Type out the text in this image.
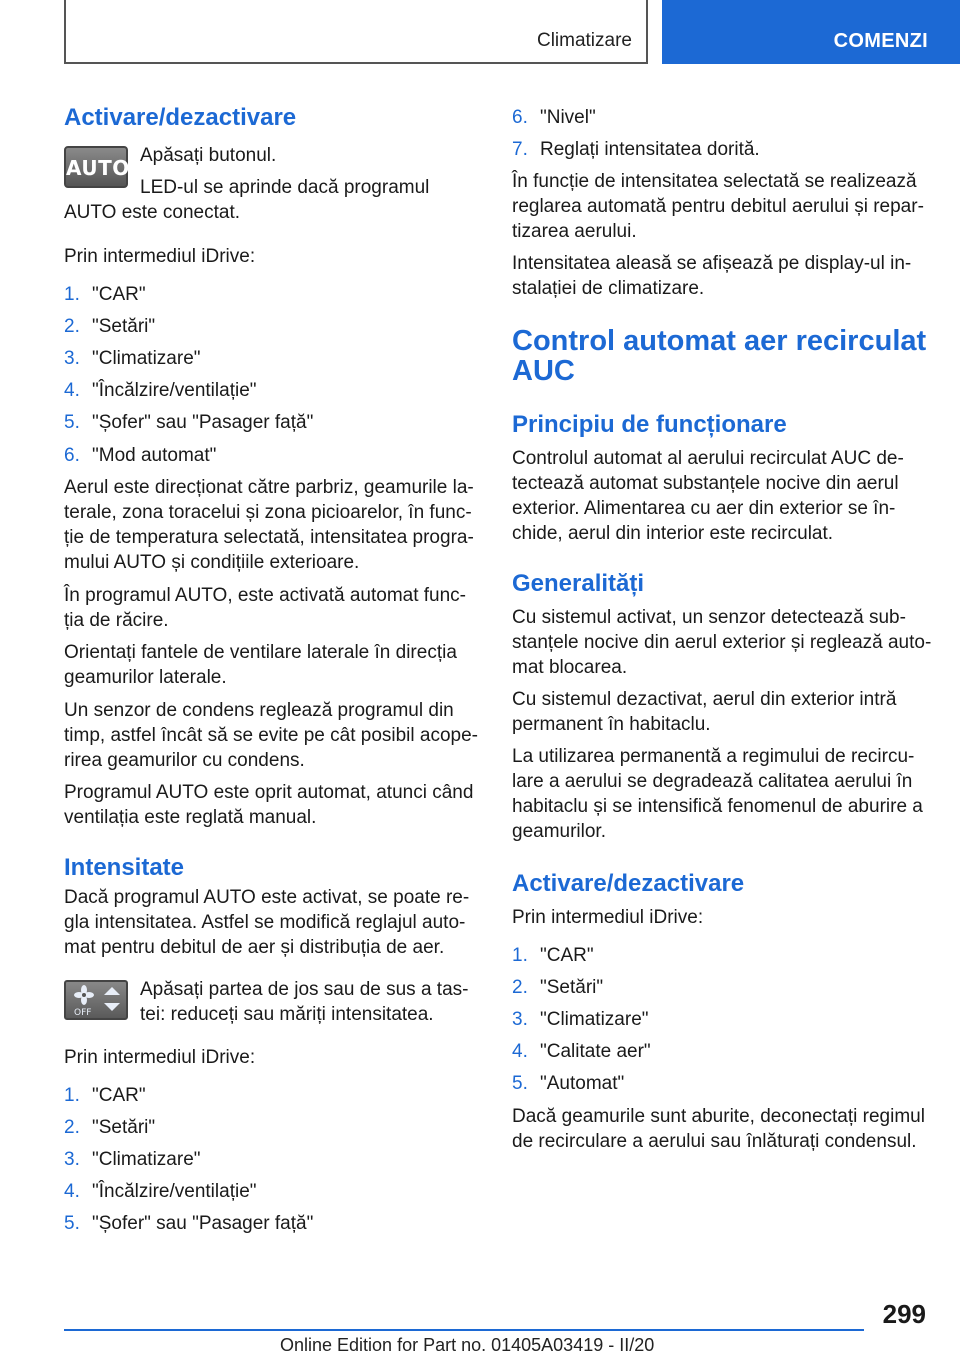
Climatizare	COMENZI
Activare/dezactivare
AUTO

Apăsați butonul.

LED-ul se aprinde dacă programul

AUTO este conectat.

Prin intermediul iDrive:

1. "CAR"
2. "Setări"
3. "Climatizare"
4. "Încălzire/ventilație"
5. "Șofer" sau "Pasager față"
6. "Mod automat"

Aerul este direcționat către parbriz, geamurile la-
terale, zona toracelui și zona picioarelor, în func-
ție de temperatura selectată, intensitatea progra-
mului AUTO și condițiile exterioare.

În programul AUTO, este activată automat func-
ția de răcire.

Orientați fantele de ventilare laterale în direcția
geamurilor laterale.

Un senzor de condens reglează programul din
timp, astfel încât să se evite pe cât posibil acope-
rirea geamurilor cu condens.

Programul AUTO este oprit automat, atunci când
ventilația este reglată manual.

Intensitate

Dacă programul AUTO este activat, se poate re-
gla intensitatea. Astfel se modifică reglajul auto-
mat pentru debitul de aer și distribuția de aer.

OFF

Apăsați partea de jos sau de sus a tas-
tei: reduceți sau măriți intensitatea.

Prin intermediul iDrive:

1. "CAR"
2. "Setări"
3. "Climatizare"
4. "Încălzire/ventilație"
5. "Șofer" sau "Pasager față"
6. "Nivel"
7. Reglați intensitatea dorită.

În funcție de intensitatea selectată se realizează
reglarea automată pentru debitul aerului și repar-
tizarea aerului.

Intensitatea aleasă se afișează pe display-ul in-
stalației de climatizare.

Control automat aer recirculat
AUC
Principiu de funcționare

Controlul automat al aerului recirculat AUC de-
tectează automat substanțele nocive din aerul
exterior. Alimentarea cu aer din exterior se în-
chide, aerul din interior este recirculat.

Generalități

Cu sistemul activat, un senzor detectează sub-
stanțele nocive din aerul exterior și reglează auto-
mat blocarea.

Cu sistemul dezactivat, aerul din exterior intră
permanent în habitaclu.

La utilizarea permanentă a regimului de recircu-
lare a aerului se degradează calitatea aerului în
habitaclu și se intensifică fenomenul de aburire a
geamurilor.

Activare/dezactivare

Prin intermediul iDrive:

1. "CAR"
2. "Setări"
3. "Climatizare"
4. "Calitate aer"
5. "Automat"

Dacă geamurile sunt aburite, deconectați regimul
de recirculare a aerului sau înlăturați condensul.

299
Online Edition for Part no. 01405A03419 - II/20
